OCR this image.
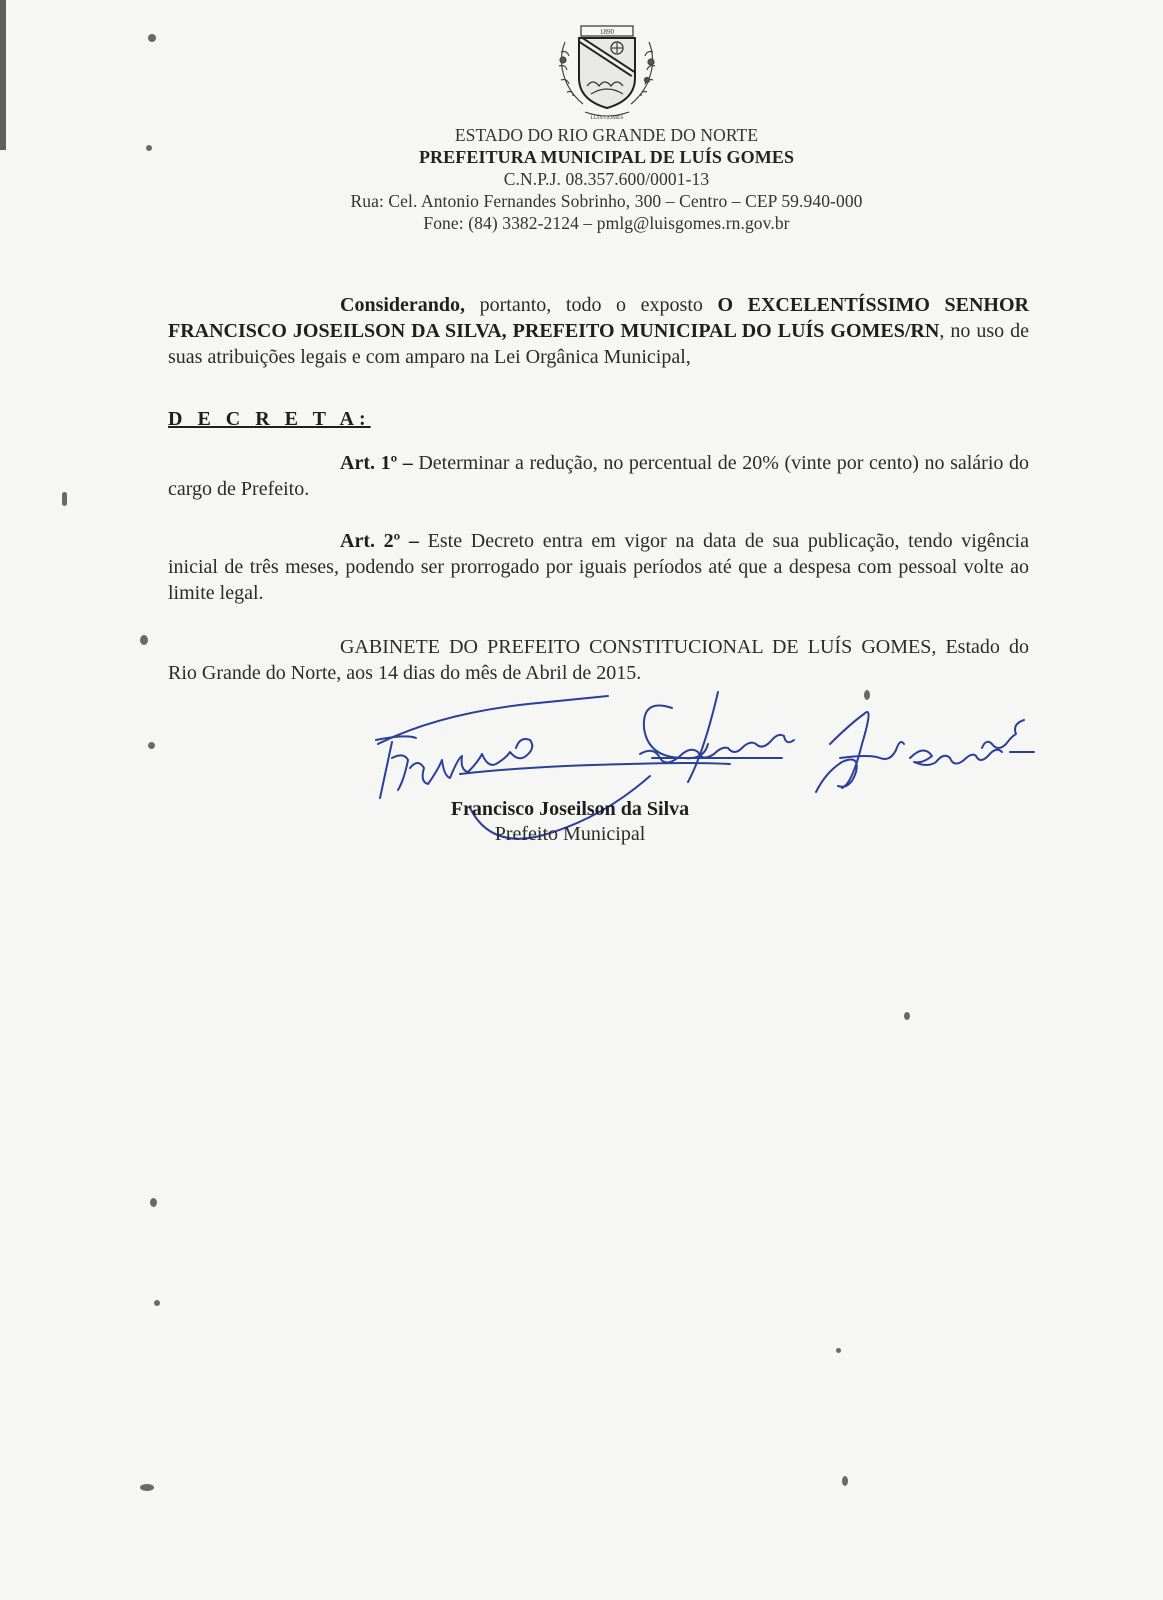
1890
LUÍS GOMES
ESTADO DO RIO GRANDE DO NORTE
PREFEITURA MUNICIPAL DE LUÍS GOMES
C.N.P.J. 08.357.600/0001-13
Rua: Cel. Antonio Fernandes Sobrinho, 300 – Centro – CEP 59.940-000
Fone: (84) 3382-2124 – pmlg@luisgomes.rn.gov.br
Considerando, portanto, todo o exposto O EXCELENTÍSSIMO SENHOR FRANCISCO JOSEILSON DA SILVA, PREFEITO MUNICIPAL DO LUÍS GOMES/RN, no uso de suas atribuições legais e com amparo na Lei Orgânica Municipal,
D E C R E T A:
Art. 1º – Determinar a redução, no percentual de 20% (vinte por cento) no salário do cargo de Prefeito.
Art. 2º – Este Decreto entra em vigor na data de sua publicação, tendo vigência inicial de três meses, podendo ser prorrogado por iguais períodos até que a despesa com pessoal volte ao limite legal.
GABINETE DO PREFEITO CONSTITUCIONAL DE LUÍS GOMES, Estado do Rio Grande do Norte, aos 14 dias do mês de Abril de 2015.
Francisco Joseilson da Silva
Prefeito Municipal
